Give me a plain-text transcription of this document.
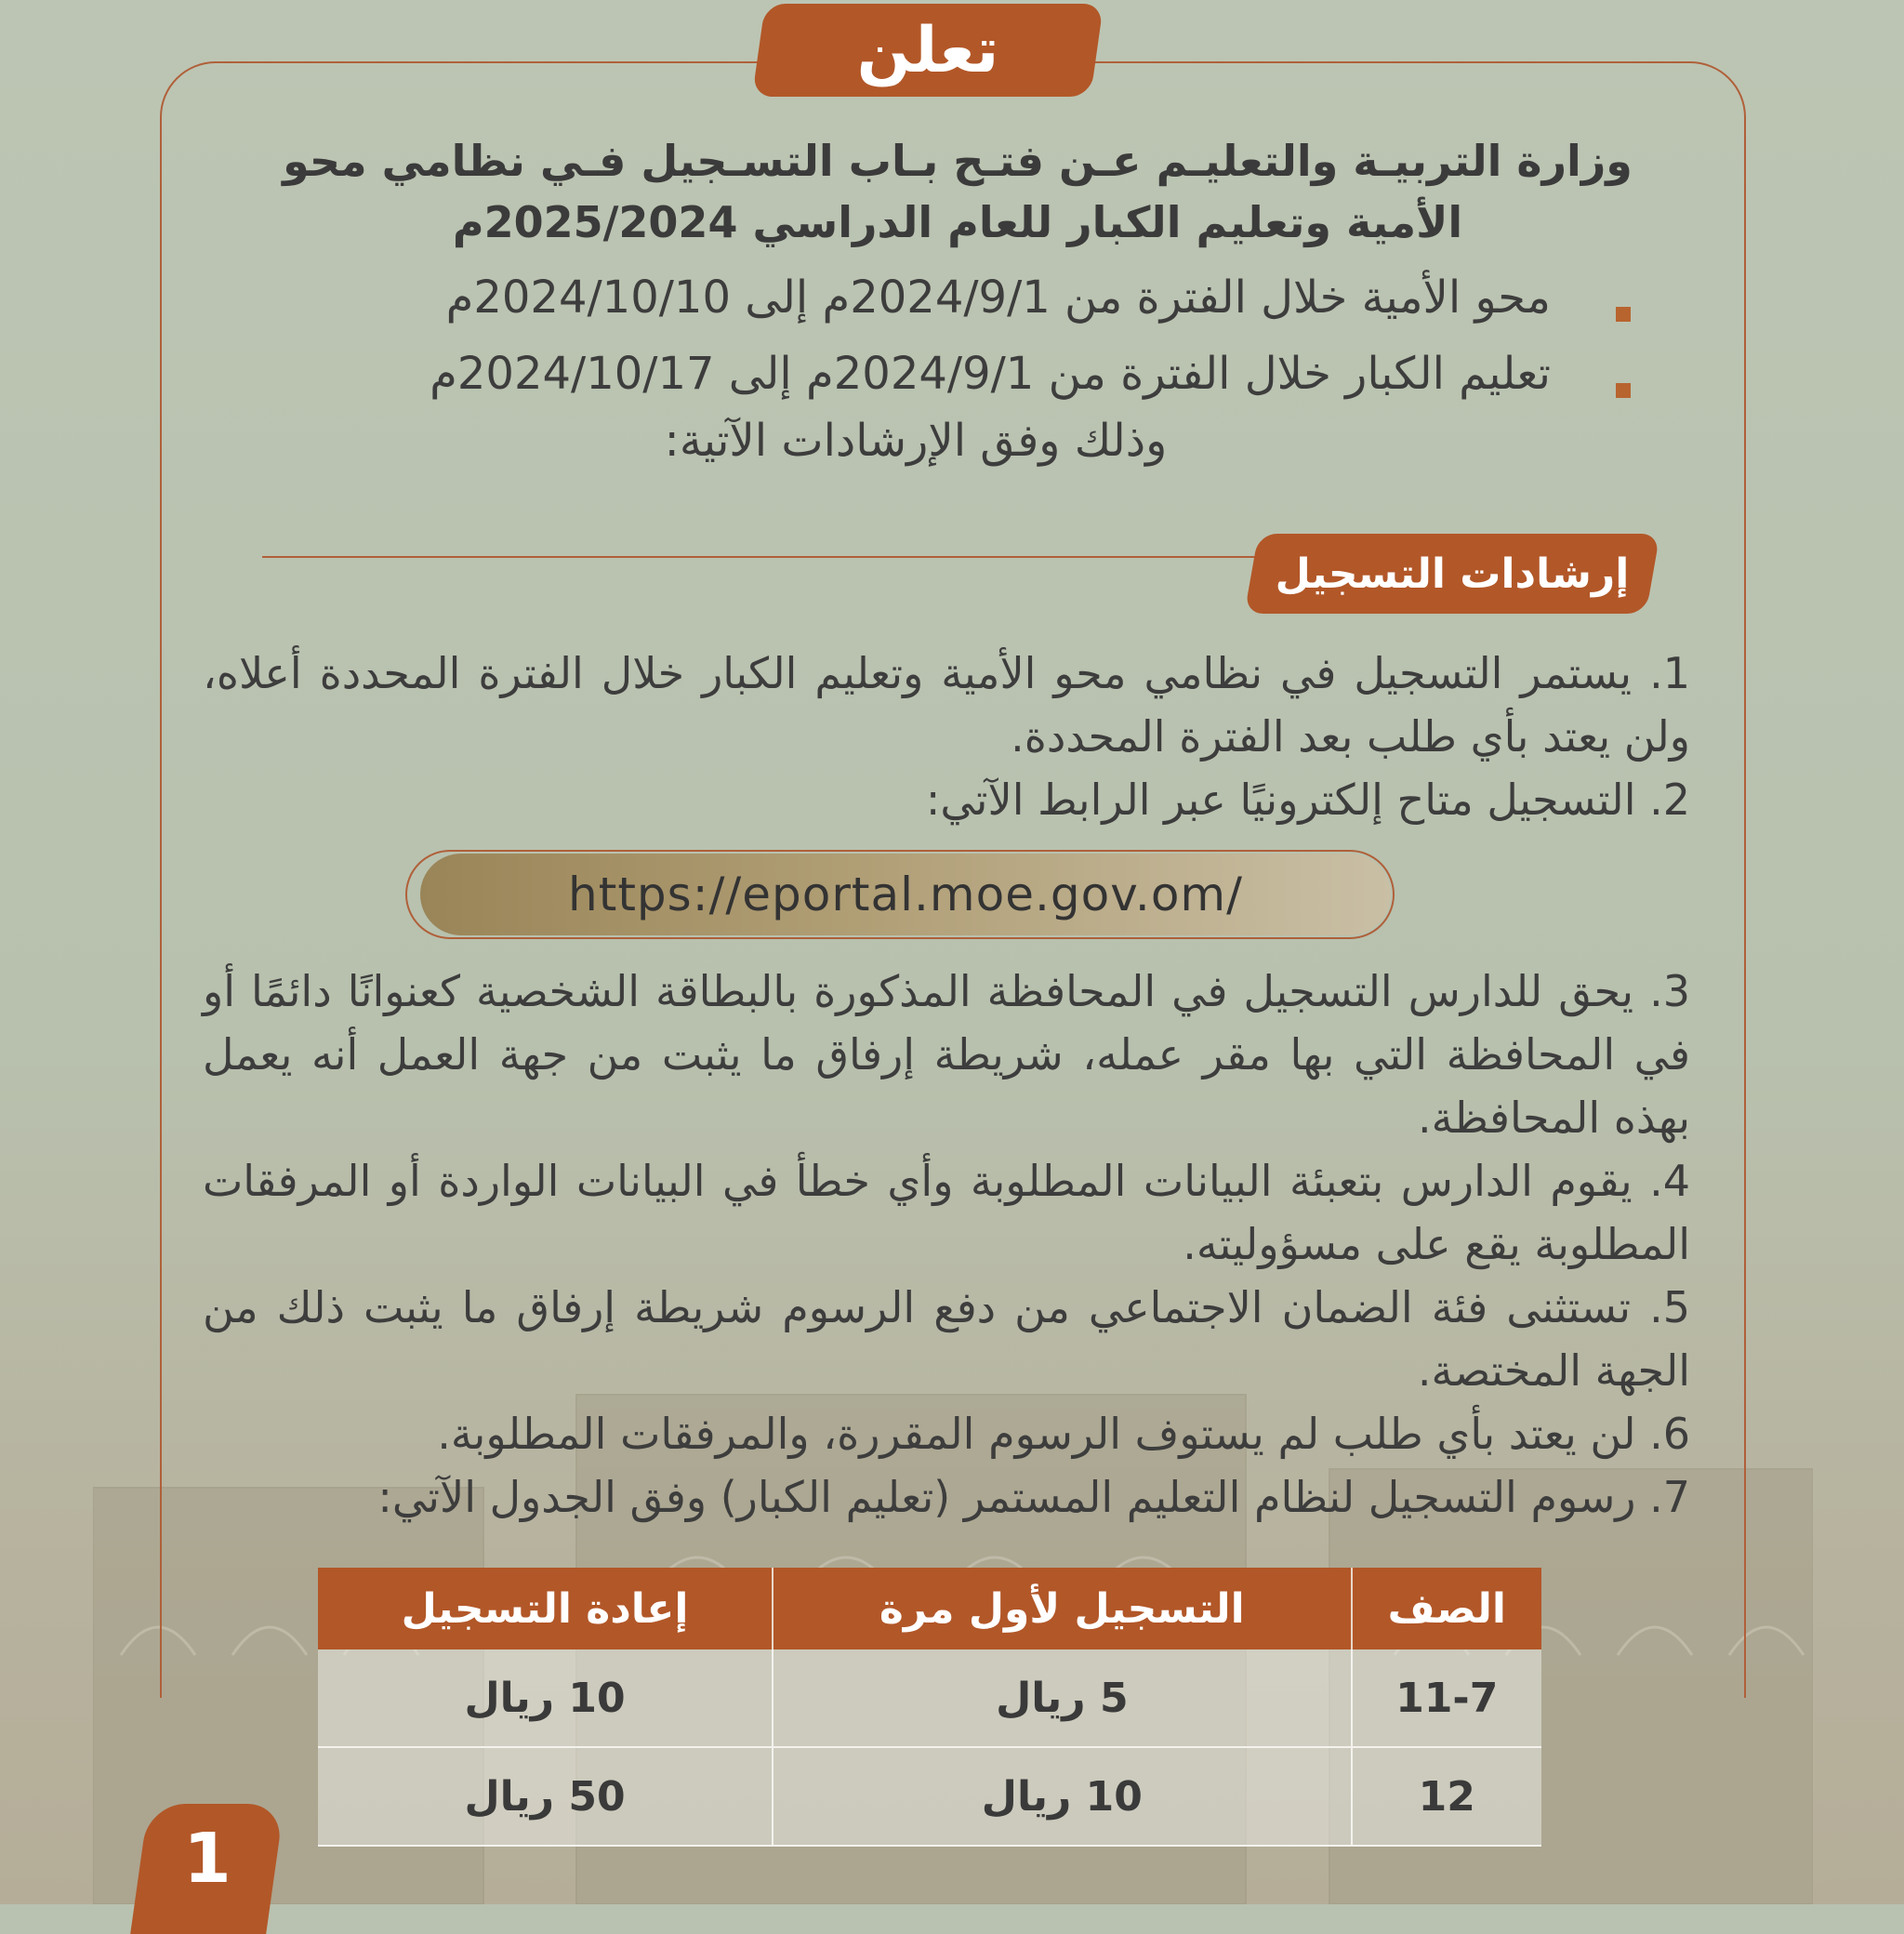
تعلن
وزارة التربيـة والتعليـم عـن فتـح بـاب التسـجيل فـي نظامي محو
الأمية وتعليم الكبار للعام الدراسي 2025/2024م
محو الأمية خلال الفترة من 2024/9/1م إلى 2024/10/10م
تعليم الكبار خلال الفترة من 2024/9/1م إلى 2024/10/17م
وذلك وفق الإرشادات الآتية:
إرشادات التسجيل
1. يستمر التسجيل في نظامي محو الأمية وتعليم الكبار خلال الفترة المحددة أعلاه، ولن يعتد بأي طلب بعد الفترة المحددة.
2. التسجيل متاح إلكترونيًا عبر الرابط الآتي:
https://eportal.moe.gov.om/
3. يحق للدارس التسجيل في المحافظة المذكورة بالبطاقة الشخصية كعنوانًا دائمًا أو في المحافظة التي بها مقر عمله، شريطة إرفاق ما يثبت من جهة العمل أنه يعمل بهذه المحافظة.
4. يقوم الدارس بتعبئة البيانات المطلوبة وأي خطأ في البيانات الواردة أو المرفقات المطلوبة يقع على مسؤوليته.
5. تستثنى فئة الضمان الاجتماعي من دفع الرسوم شريطة إرفاق ما يثبت ذلك من الجهة المختصة.
6. لن يعتد بأي طلب لم يستوف الرسوم المقررة، والمرفقات المطلوبة.
7. رسوم التسجيل لنظام التعليم المستمر (تعليم الكبار) وفق الجدول الآتي:
الصف	التسجيل لأول مرة	إعادة التسجيل
11-7	5 ريال	10 ريال
12	10 ريال	50 ريال
1
